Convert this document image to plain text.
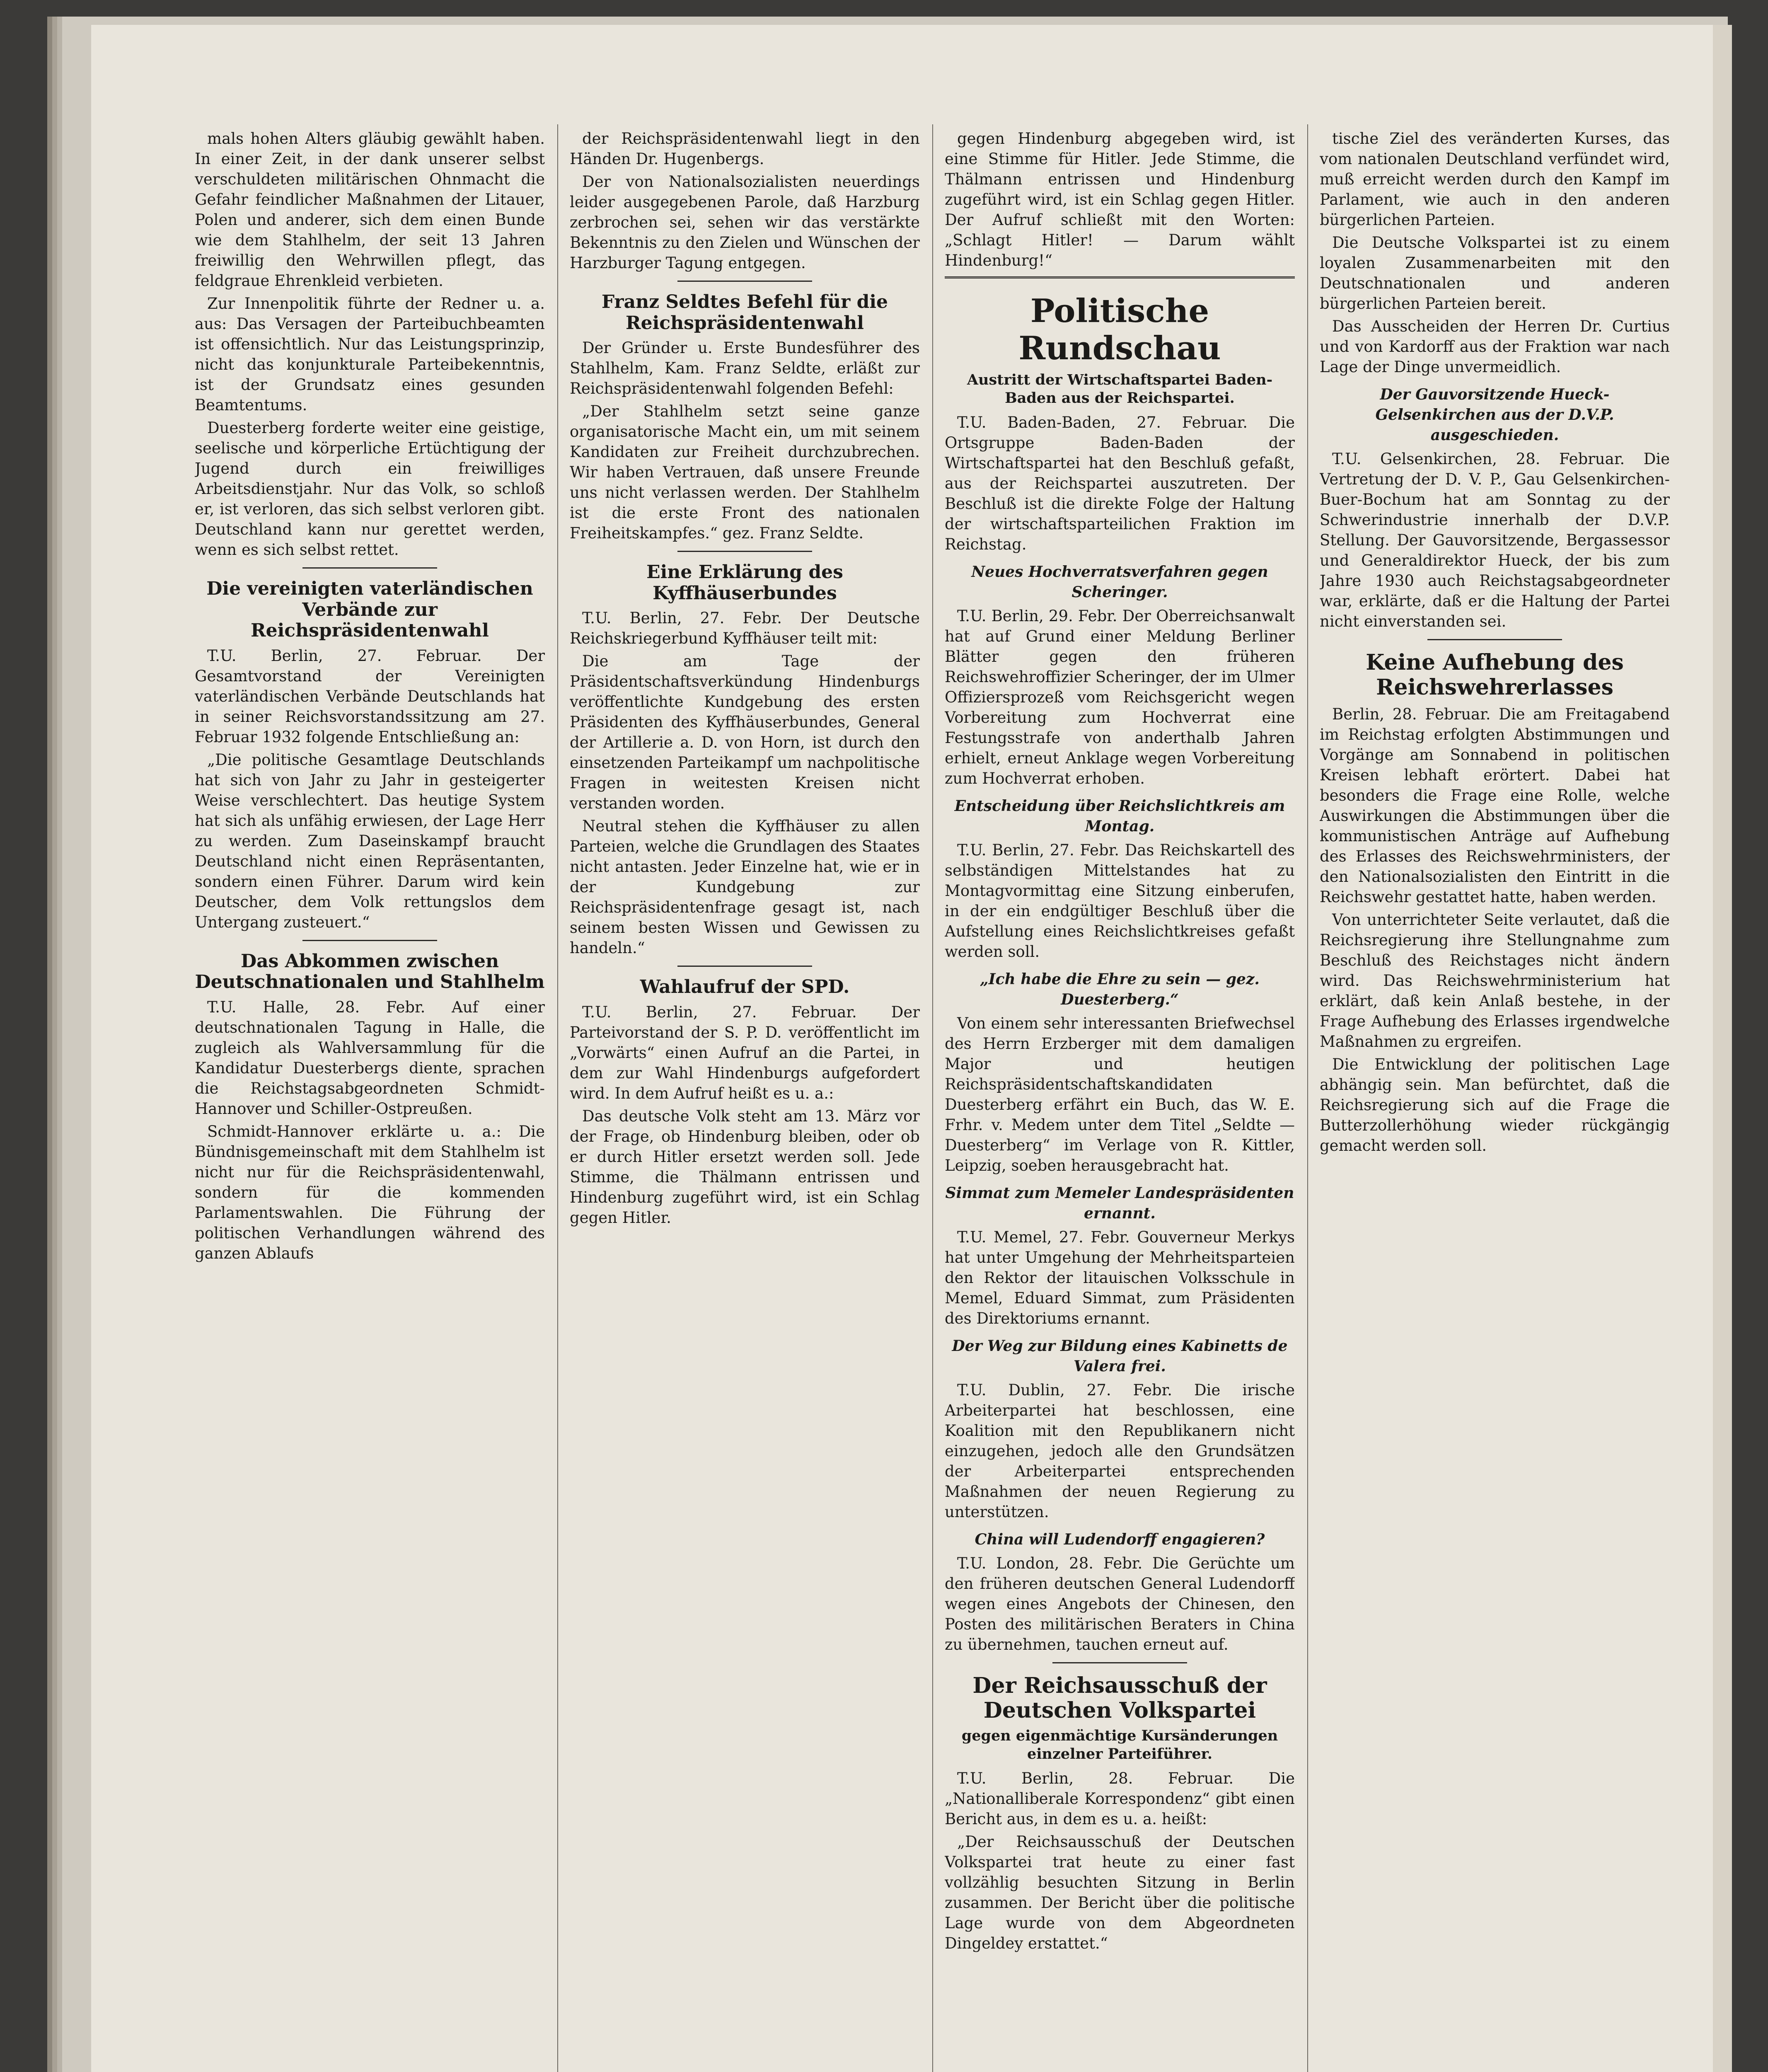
mals hohen Alters gläubig gewählt haben. In einer Zeit, in der dank unserer selbst verschuldeten militärischen Ohnmacht die Gefahr feindlicher Maßnahmen der Litauer, Polen und anderer, sich dem einen Bunde wie dem Stahlhelm, der seit 13 Jahren freiwillig den Wehrwillen pflegt, das feldgraue Ehrenkleid verbieten.

Zur Innenpolitik führte der Redner u. a. aus: Das Versagen der Parteibuchbeamten ist offensichtlich. Nur das Leistungsprinzip, nicht das konjunkturale Parteibekenntnis, ist der Grundsatz eines gesunden Beamtentums.

Duesterberg forderte weiter eine geistige, seelische und körperliche Ertüchtigung der Jugend durch ein freiwilliges Arbeitsdienstjahr. Nur das Volk, so schloß er, ist verloren, das sich selbst verloren gibt. Deutschland kann nur gerettet werden, wenn es sich selbst rettet.

Die vereinigten vaterländischen Verbände zur Reichspräsidentenwahl

T.U. Berlin, 27. Februar. Der Gesamtvorstand der Vereinigten vaterländischen Verbände Deutschlands hat in seiner Reichsvorstandssitzung am 27. Februar 1932 folgende Entschließung an:

„Die politische Gesamtlage Deutschlands hat sich von Jahr zu Jahr in gesteigerter Weise verschlechtert. Das heutige System hat sich als unfähig erwiesen, der Lage Herr zu werden. Zum Daseinskampf braucht Deutschland nicht einen Repräsentanten, sondern einen Führer. Darum wird kein Deutscher, dem Volk rettungslos dem Untergang zusteuert.“

Das Abkommen zwischen Deutschnationalen und Stahlhelm

T.U. Halle, 28. Febr. Auf einer deutschnationalen Tagung in Halle, die zugleich als Wahlversammlung für die Kandidatur Duesterbergs diente, sprachen die Reichstagsabgeordneten Schmidt-Hannover und Schiller-Ostpreußen.

Schmidt-Hannover erklärte u. a.: Die Bündnisgemeinschaft mit dem Stahlhelm ist nicht nur für die Reichspräsidentenwahl, sondern für die kommenden Parlamentswahlen. Die Führung der politischen Verhandlungen während des ganzen Ablaufs

der Reichspräsidentenwahl liegt in den Händen Dr. Hugenbergs.

Der von Nationalsozialisten neuerdings leider ausgegebenen Parole, daß Harzburg zerbrochen sei, sehen wir das verstärkte Bekenntnis zu den Zielen und Wünschen der Harzburger Tagung entgegen.

Franz Seldtes Befehl für die Reichspräsidentenwahl

Der Gründer u. Erste Bundesführer des Stahlhelm, Kam. Franz Seldte, erläßt zur Reichspräsidentenwahl folgenden Befehl:

„Der Stahlhelm setzt seine ganze organisatorische Macht ein, um mit seinem Kandidaten zur Freiheit durchzubrechen. Wir haben Vertrauen, daß unsere Freunde uns nicht verlassen werden. Der Stahlhelm ist die erste Front des nationalen Freiheitskampfes.“ gez. Franz Seldte.

Eine Erklärung des Kyffhäuserbundes

T.U. Berlin, 27. Febr. Der Deutsche Reichskriegerbund Kyffhäuser teilt mit:

Die am Tage der Präsidentschaftsverkündung Hindenburgs veröffentlichte Kundgebung des ersten Präsidenten des Kyffhäuserbundes, General der Artillerie a. D. von Horn, ist durch den einsetzenden Parteikampf um nachpolitische Fragen in weitesten Kreisen nicht verstanden worden.

Neutral stehen die Kyffhäuser zu allen Parteien, welche die Grundlagen des Staates nicht antasten. Jeder Einzelne hat, wie er in der Kundgebung zur Reichspräsidentenfrage gesagt ist, nach seinem besten Wissen und Gewissen zu handeln.“

Wahlaufruf der SPD.

T.U. Berlin, 27. Februar. Der Parteivorstand der S. P. D. veröffentlicht im „Vorwärts“ einen Aufruf an die Partei, in dem zur Wahl Hindenburgs aufgefordert wird. In dem Aufruf heißt es u. a.:

Das deutsche Volk steht am 13. März vor der Frage, ob Hindenburg bleiben, oder ob er durch Hitler ersetzt werden soll. Jede Stimme, die Thälmann entrissen und Hindenburg zugeführt wird, ist ein Schlag gegen Hitler.

gegen Hindenburg abgegeben wird, ist eine Stimme für Hitler. Jede Stimme, die Thälmann entrissen und Hindenburg zugeführt wird, ist ein Schlag gegen Hitler. Der Aufruf schließt mit den Worten: „Schlagt Hitler! — Darum wählt Hindenburg!“

Politische Rundschau
Austritt der Wirtschaftspartei Baden-Baden aus der Reichspartei.

T.U. Baden-Baden, 27. Februar. Die Ortsgruppe Baden-Baden der Wirtschaftspartei hat den Beschluß gefaßt, aus der Reichspartei auszutreten. Der Beschluß ist die direkte Folge der Haltung der wirtschaftsparteilichen Fraktion im Reichstag.

Neues Hochverratsverfahren gegen Scheringer.

T.U. Berlin, 29. Febr. Der Oberreichsanwalt hat auf Grund einer Meldung Berliner Blätter gegen den früheren Reichswehroffizier Scheringer, der im Ulmer Offiziersprozeß vom Reichsgericht wegen Vorbereitung zum Hochverrat eine Festungsstrafe von anderthalb Jahren erhielt, erneut Anklage wegen Vorbereitung zum Hochverrat erhoben.

Entscheidung über Reichslichtkreis am Montag.

T.U. Berlin, 27. Febr. Das Reichskartell des selbständigen Mittelstandes hat zu Montagvormittag eine Sitzung einberufen, in der ein endgültiger Beschluß über die Aufstellung eines Reichslichtkreises gefaßt werden soll.

„Ich habe die Ehre zu sein — gez. Duesterberg.“

Von einem sehr interessanten Briefwechsel des Herrn Erzberger mit dem damaligen Major und heutigen Reichspräsidentschaftskandidaten Duesterberg erfährt ein Buch, das W. E. Frhr. v. Medem unter dem Titel „Seldte — Duesterberg“ im Verlage von R. Kittler, Leipzig, soeben herausgebracht hat.

Simmat zum Memeler Landespräsidenten ernannt.

T.U. Memel, 27. Febr. Gouverneur Merkys hat unter Umgehung der Mehrheitsparteien den Rektor der litauischen Volksschule in Memel, Eduard Simmat, zum Präsidenten des Direktoriums ernannt.

Der Weg zur Bildung eines Kabinetts de Valera frei.

T.U. Dublin, 27. Febr. Die irische Arbeiterpartei hat beschlossen, eine Koalition mit den Republikanern nicht einzugehen, jedoch alle den Grundsätzen der Arbeiterpartei entsprechenden Maßnahmen der neuen Regierung zu unterstützen.

China will Ludendorff engagieren?

T.U. London, 28. Febr. Die Gerüchte um den früheren deutschen General Ludendorff wegen eines Angebots der Chinesen, den Posten des militärischen Beraters in China zu übernehmen, tauchen erneut auf.

Der Reichsausschuß der Deutschen Volkspartei
gegen eigenmächtige Kursänderungen einzelner Parteiführer.

T.U. Berlin, 28. Februar. Die „Nationalliberale Korrespondenz“ gibt einen Bericht aus, in dem es u. a. heißt:

„Der Reichsausschuß der Deutschen Volkspartei trat heute zu einer fast vollzählig besuchten Sitzung in Berlin zusammen. Der Bericht über die politische Lage wurde von dem Abgeordneten Dingeldey erstattet.“

tische Ziel des veränderten Kurses, das vom nationalen Deutschland verfündet wird, muß erreicht werden durch den Kampf im Parlament, wie auch in den anderen bürgerlichen Parteien.

Die Deutsche Volkspartei ist zu einem loyalen Zusammenarbeiten mit den Deutschnationalen und anderen bürgerlichen Parteien bereit.

Das Ausscheiden der Herren Dr. Curtius und von Kardorff aus der Fraktion war nach Lage der Dinge unvermeidlich.

Der Gauvorsitzende Hueck-Gelsenkirchen aus der D.V.P. ausgeschieden.

T.U. Gelsenkirchen, 28. Februar. Die Vertretung der D. V. P., Gau Gelsenkirchen-Buer-Bochum hat am Sonntag zu der Schwerindustrie innerhalb der D.V.P. Stellung. Der Gauvorsitzende, Bergassessor und Generaldirektor Hueck, der bis zum Jahre 1930 auch Reichstagsabgeordneter war, erklärte, daß er die Haltung der Partei nicht einverstanden sei.

Keine Aufhebung des Reichswehrerlasses

Berlin, 28. Februar. Die am Freitagabend im Reichstag erfolgten Abstimmungen und Vorgänge am Sonnabend in politischen Kreisen lebhaft erörtert. Dabei hat besonders die Frage eine Rolle, welche Auswirkungen die Abstimmungen über die kommunistischen Anträge auf Aufhebung des Erlasses des Reichswehrministers, der den Nationalsozialisten den Eintritt in die Reichswehr gestattet hatte, haben werden.

Von unterrichteter Seite verlautet, daß die Reichsregierung ihre Stellungnahme zum Beschluß des Reichstages nicht ändern wird. Das Reichswehrministerium hat erklärt, daß kein Anlaß bestehe, in der Frage Aufhebung des Erlasses irgendwelche Maßnahmen zu ergreifen.

Die Entwicklung der politischen Lage abhängig sein. Man befürchtet, daß die Reichsregierung sich auf die Frage die Butterzollerhöhung wieder rückgängig gemacht werden soll.
